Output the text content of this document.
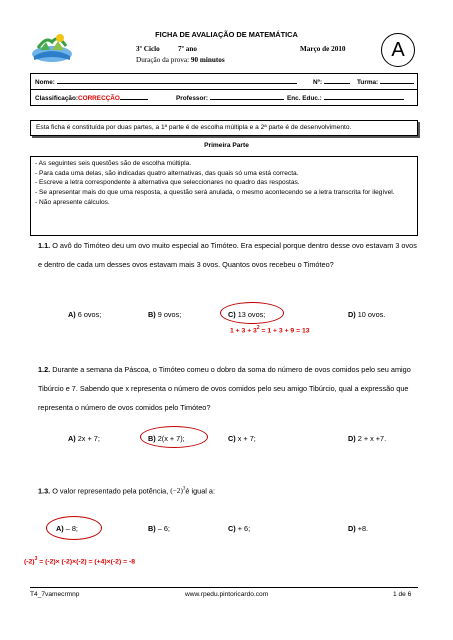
FICHA DE AVALIAÇÃO DE MATEMÁTICA
3º Ciclo	7º ano	Março de 2010
Duração da prova: 90 minutos	A
Nome:	Nº:	Turma:
Classificação:CORRECÇÃO	Professor:	Enc. Educ.:
Esta ficha é constituída por duas partes, a 1ª parte é de escolha múltipla e a 2ª parte é de desenvolvimento.
Primeira Parte
- As seguintes seis questões são de escolha múltipla.
- Para cada uma delas, são indicadas quatro alternativas, das quais só uma está correcta.
- Escreve a letra correspondente à alternativa que seleccionares no quadro das respostas.
- Se apresentar mais do que uma resposta, a questão será anulada, o mesmo acontecendo se a letra transcrita for ilegível.
- Não apresente cálculos.
1.1. O avô do Timóteo deu um ovo muito especial ao Timóteo. Era especial porque dentro desse ovo estavam 3 ovos e dentro de cada um desses ovos estavam mais 3 ovos. Quantos ovos recebeu o Timóteo?
A) 6 ovos;	B) 9 ovos;	C) 13 ovos;	D) 10 ovos.
$1 + 3 + 3^2 = 1 + 3 + 9 = 13$
1.2. Durante a semana da Páscoa, o Timóteo comeu o dobro da soma do número de ovos comidos pelo seu amigo Tibúrcio e 7. Sabendo que x representa o número de ovos comidos pelo seu amigo Tibúrcio, qual a expressão que representa o número de ovos comidos pelo Timóteo?
A) 2x + 7;	B) 2(x + 7);	C) x + 7;	D) 2 + x +7.
1.3. O valor representado pela potência, $(-2)^3é$ igual a:
A) – 8;	B) – 6;	C) + 6;	D) +8.
$(-2)^3 = (-2)\times (-2)\times(-2) = (+4)\times(-2) = -8$
T4_7vamecrmnp	www.rpedu.pintoricardo.com	1 de 6
